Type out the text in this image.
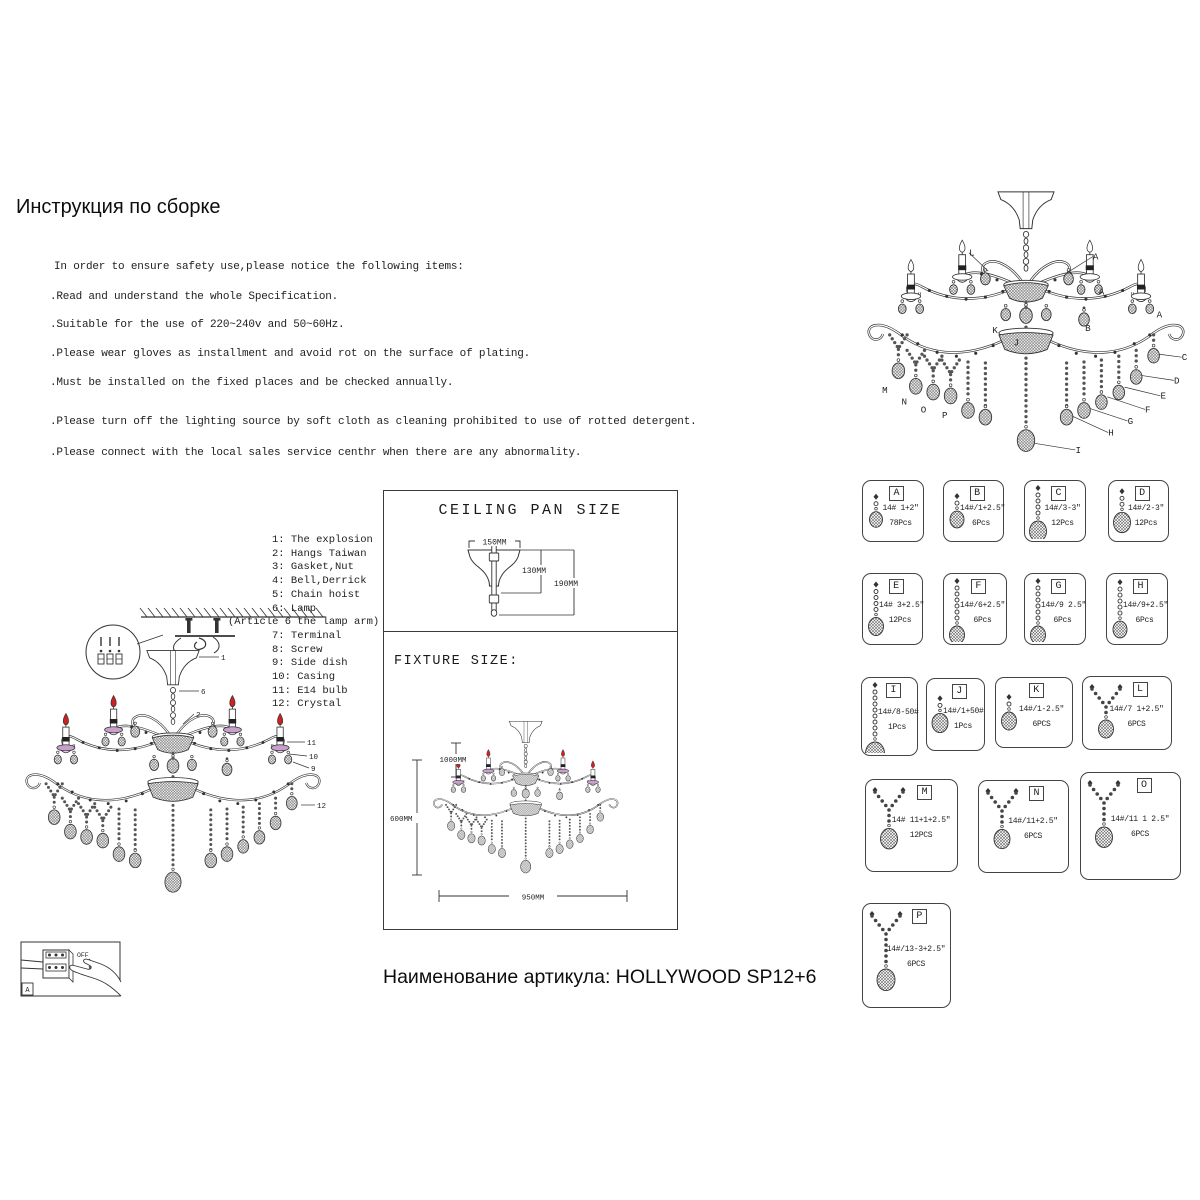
Инструкция по сборке
In order to ensure safety use,please notice the following items:
.Read and understand the whole Specification.
.Suitable for the use of 220~240v and 50~60Hz.
.Please wear gloves as installment and avoid rot on the surface of plating.
.Must be installed on the fixed places and be checked annually.
.Please turn off the lighting source by soft cloth as cleaning prohibited to use of rotted detergent.
.Please connect with the local sales service centhr when there are any abnormality.
CEILING PAN SIZE
150MM
130MM
190MM
FIXTURE SIZE:
1000MM
600MM
950MM
1: The explosion
2: Hangs Taiwan
3: Gasket,Nut
4: Bell,Derrick
5: Chain hoist
6: Lamp
(Article 6 the lamp arm)
7: Terminal
8: Screw
9: Side dish
10: Casing
11: E14 bulb
12: Crystal
A
L
K
J
A
B
A
C
D
E
F
G
H
I
M
N
O
P
1
6
2
11
10
9
12
OFF
A
A
14# 1+2"
78Pcs
B
14#/1+2.5"
6Pcs
C
14#/3-3"
12Pcs
D
14#/2-3"
12Pcs
E
14# 3+2.5"
12Pcs
F
14#/6+2.5"
6Pcs
G
14#/9 2.5"
6Pcs
H
14#/9+2.5"
6Pcs
I
14#/8-50#
1Pcs
J
14#/1+50#
1Pcs
K
14#/1-2.5"
6PCS
L
14#/7 1+2.5"
6PCS
M
14# 11+1+2.5"
12PCS
N
14#/11+2.5"
6PCS
O
14#/11 1 2.5"
6PCS
P
14#/13-3+2.5"
6PCS
Наименование артикула: HOLLYWOOD SP12+6
